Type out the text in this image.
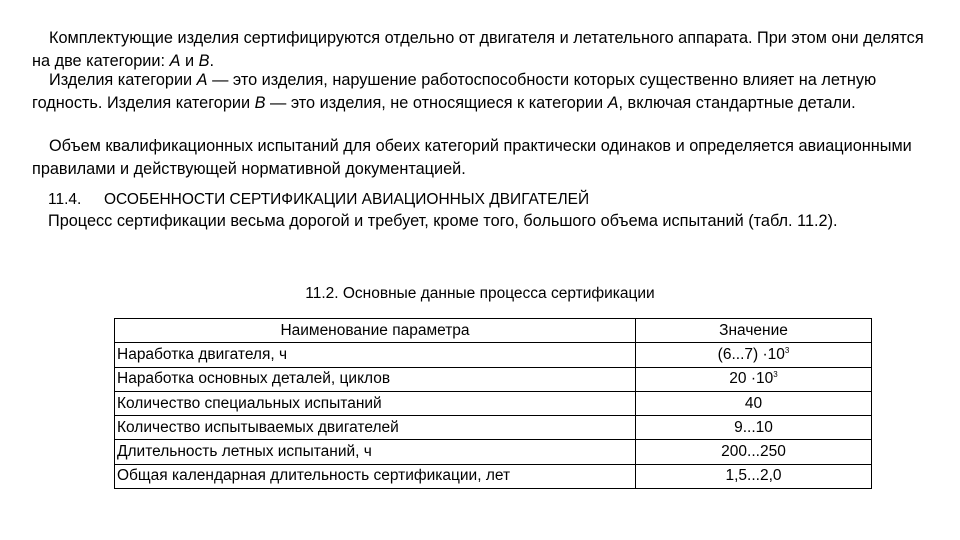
Комплектующие изделия сертифицируются отдельно от двигателя и летательного аппарата. При этом они делятся на две категории: А и В.

Изделия категории А — это изделия, нарушение работоспособности которых существенно влияет на летную годность. Изделия категории В — это изделия, не относящиеся к категории А, включая стандартные детали.

Объем квалификационных испытаний для обеих категорий практически одинаков и определяется авиационными правилами и действующей нормативной документацией.

11.4. ОСОБЕННОСТИ СЕРТИФИКАЦИИ АВИАЦИОННЫХ ДВИГАТЕЛЕЙ

Процесс сертификации весьма дорогой и требует, кроме того, большого объема испытаний (табл. 11.2).

11.2. Основные данные процесса сертификации

Наименование параметра	Значение
Наработка двигателя, ч	$(6...7) \cdot 10^3$
Наработка основных деталей, циклов	$20 \cdot 10^3$
Количество специальных испытаний	40
Количество испытываемых двигателей	9...10
Длительность летных испытаний, ч	200...250
Общая календарная длительность сертификации, лет	1,5...2,0
